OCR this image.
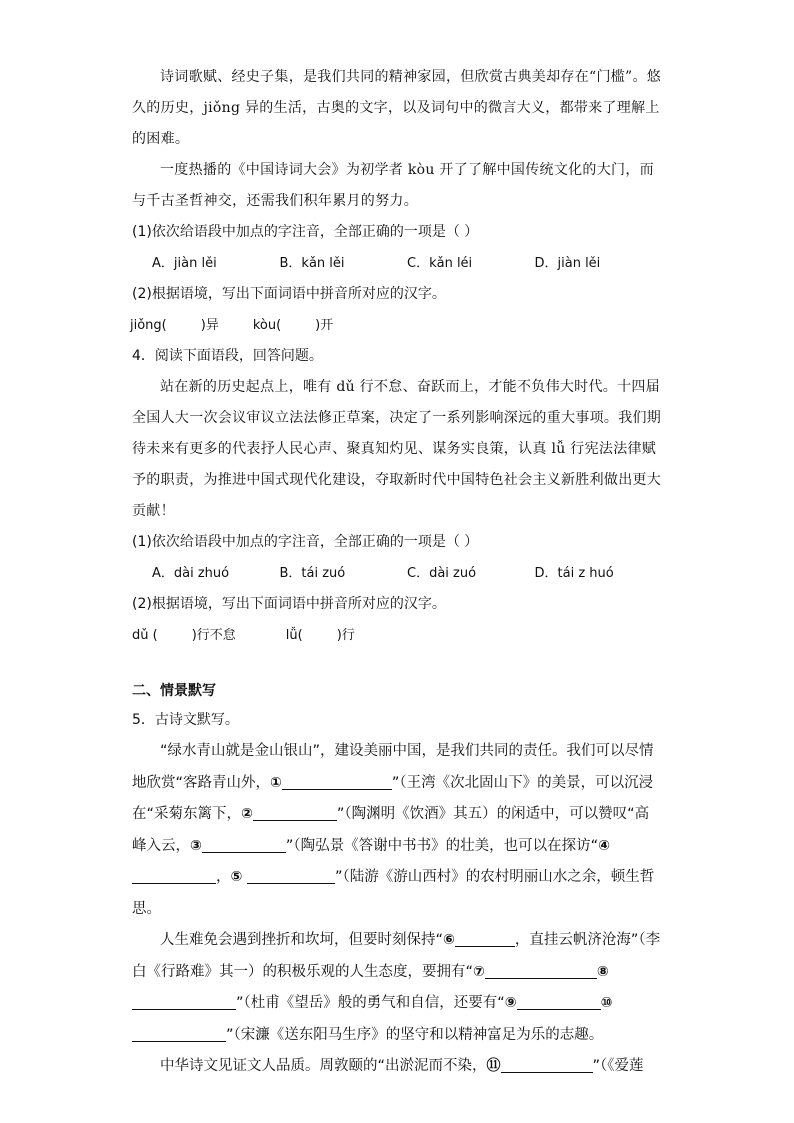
诗词歌赋、经史子集，是我们共同的精神家园，但欣赏古典美却存在“门槛”。悠久的历史，jiǒng 异的生活，古奥的文字，以及词句中的微言大义，都带来了理解上的困难。

一度热播的《中国诗词大会》为初学者 kòu 开了了解中国传统文化的大门，而与千古圣哲神交，还需我们积年累月的努力。

(1)依次给语段中加点的字注音，全部正确的一项是（ ）

A．jiàn lěi	B．kǎn lěi	C．kǎn léi	D．jiàn lěi

(2)根据语境，写出下面词语中拼音所对应的汉字。

jiǒng(	)异	kòu(	)开

4．阅读下面语段，回答问题。

站在新的历史起点上，唯有 dǔ 行不怠、奋跃而上，才能不负伟大时代。十四届全国人大一次会议审议立法法修正草案，决定了一系列影响深远的重大事项。我们期待未来有更多的代表抒人民心声、聚真知灼见、谋务实良策，认真 lǚ 行宪法法律赋予的职责，为推进中国式现代化建设，夺取新时代中国特色社会主义新胜利做出更大贡献！

(1)依次给语段中加点的字注音，全部正确的一项是（ ）

A．dài zhuó	B．tái zuó	C．dài zuó	D．tái z huó

(2)根据语境，写出下面词语中拼音所对应的汉字。

dǔ (	)行不怠	lǚ(	)行

二、情景默写

5．古诗文默写。

“绿水青山就是金山银山”，建设美丽中国，是我们共同的责任。我们可以尽情地欣赏“客路青山外，①	”（王湾《次北固山下》的美景，可以沉浸在“采菊东篱下，②	”（陶渊明《饮酒》其五）的闲适中，可以赞叹“高峰入云，③	”（陶弘景《答谢中书书》的壮美，也可以在探访“④，⑤	”（陆游《游山西村》的农村明丽山水之余，顿生哲思。

人生难免会遇到挫折和坎坷，但要时刻保持“⑥	，直挂云帆济沧海”（李白《行路难》其一）的积极乐观的人生态度，要拥有“⑦	⑧”（杜甫《望岳》般的勇气和自信，还要有“⑨	⑩”（宋濂《送东阳马生序》的坚守和以精神富足为乐的志趣。

中华诗文见证文人品质。周敦颐的“出淤泥而不染，⑪	”（《爱莲
